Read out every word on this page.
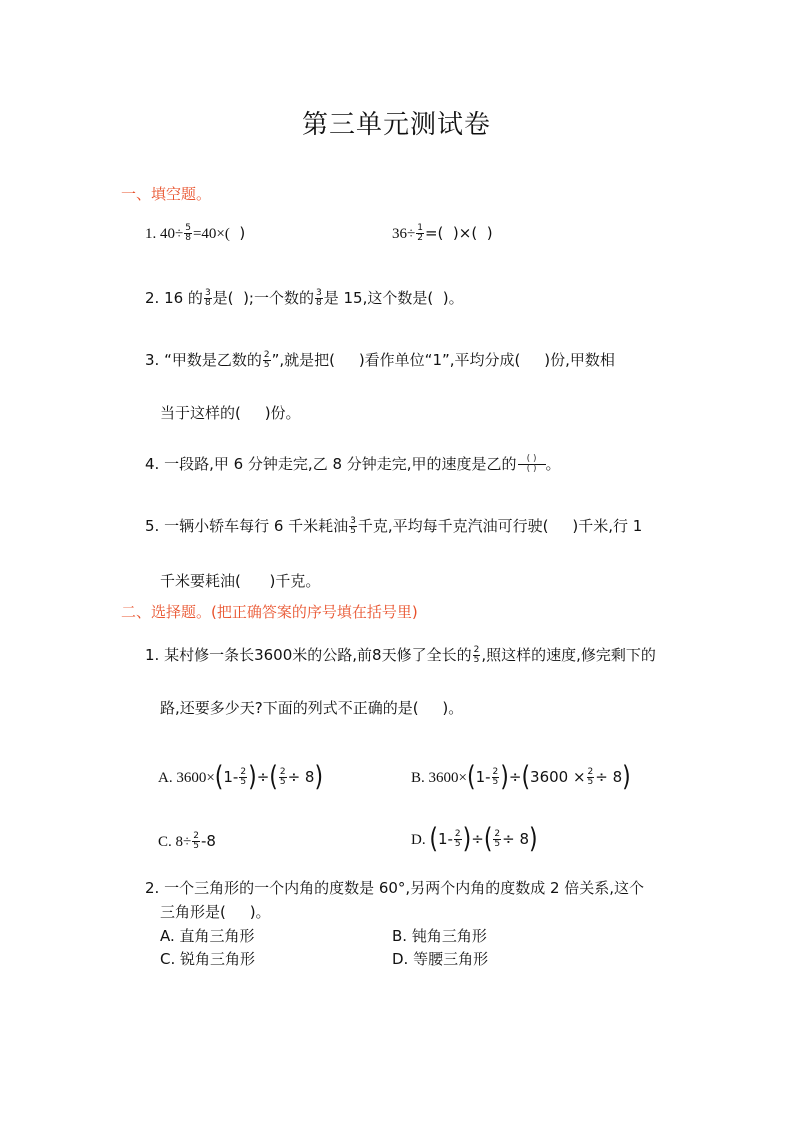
第三单元测试卷
一、填空题。
1. $40\div \frac{5}{8} =40\times$(  )	$36\div \frac{1}{2}$ =(  )×(  )
2. 16 的 $\frac{3}{8}$ 是(  );一个数的 $\frac{3}{8}$ 是 15,这个数是(  )。
3. “甲数是乙数的 $\frac{2}{5}$ ”,就是把(     )看作单位“1”,平均分成(     )份,甲数相
当于这样的(     )份。
4. 一段路,甲 6 分钟走完,乙 8 分钟走完,甲的速度是乙的 ( )
( ) 。
5. 一辆小轿车每行 6 千米耗油 $\frac{3}{5}$ 千克,平均每千克汽油可行驶(     )千米,行 1
千米要耗油(      )千克。
二、选择题。(把正确答案的序号填在括号里)
1. 某村修一条长3600米的公路,前8天修了全长的 $\frac{2}{5}$ ,照这样的速度,修完剩下的
路,还要多少天?下面的列式不正确的是(     )。
A. $3600\times(1- \frac{2}{5}$ )÷( $\frac{2}{5} \div 8$)	B. $3600\times(1- \frac{2}{5} )\div(3600 \times \frac{2}{5} \div 8)$
C. $8\div \frac{2}{5} -8$	D. ($1- \frac{2}{5}$ )÷( $\frac{2}{5} \div 8$)
2. 一个三角形的一个内角的度数是 60°,另两个内角的度数成 2 倍关系,这个
三角形是(     )。
A. 直角三角形	B. 钝角三角形
C. 锐角三角形	D. 等腰三角形
